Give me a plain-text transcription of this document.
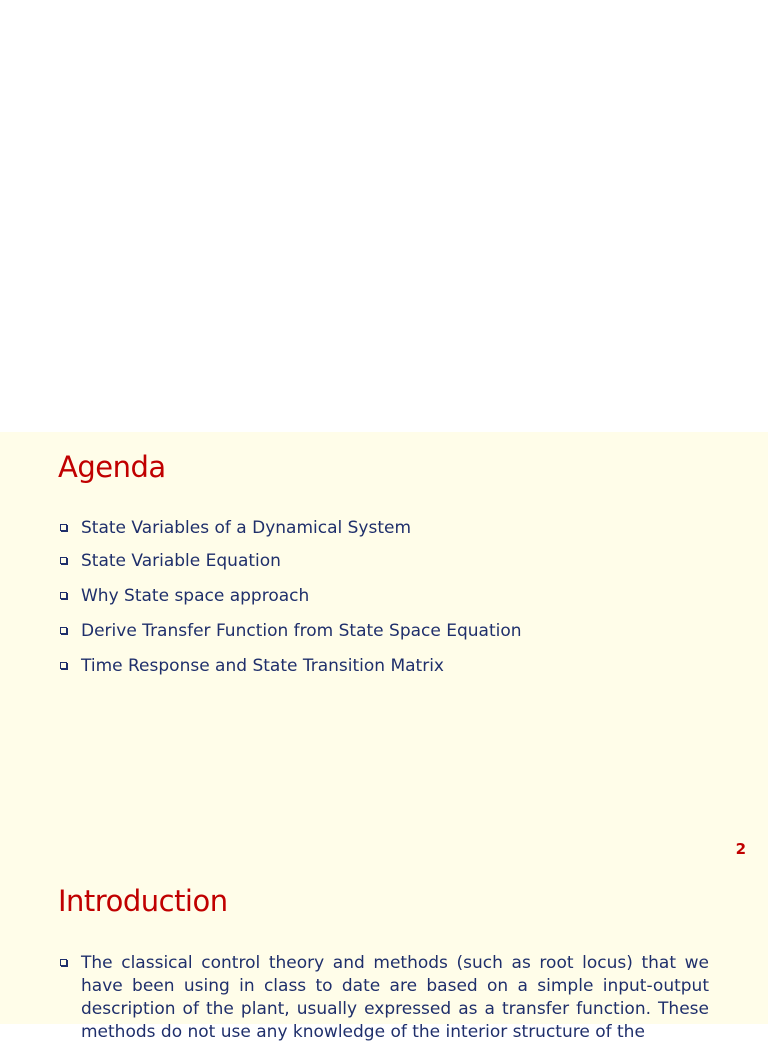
Agenda
State Variables of a Dynamical System
State Variable Equation
Why State space approach
Derive Transfer Function from State Space Equation
Time Response and State Transition Matrix
2
Introduction
The classical control theory and methods (such as root locus) that we have been using in class to date are based on a simple input-output description of the plant, usually expressed as a transfer function. These methods do not use any knowledge of the interior structure of the
